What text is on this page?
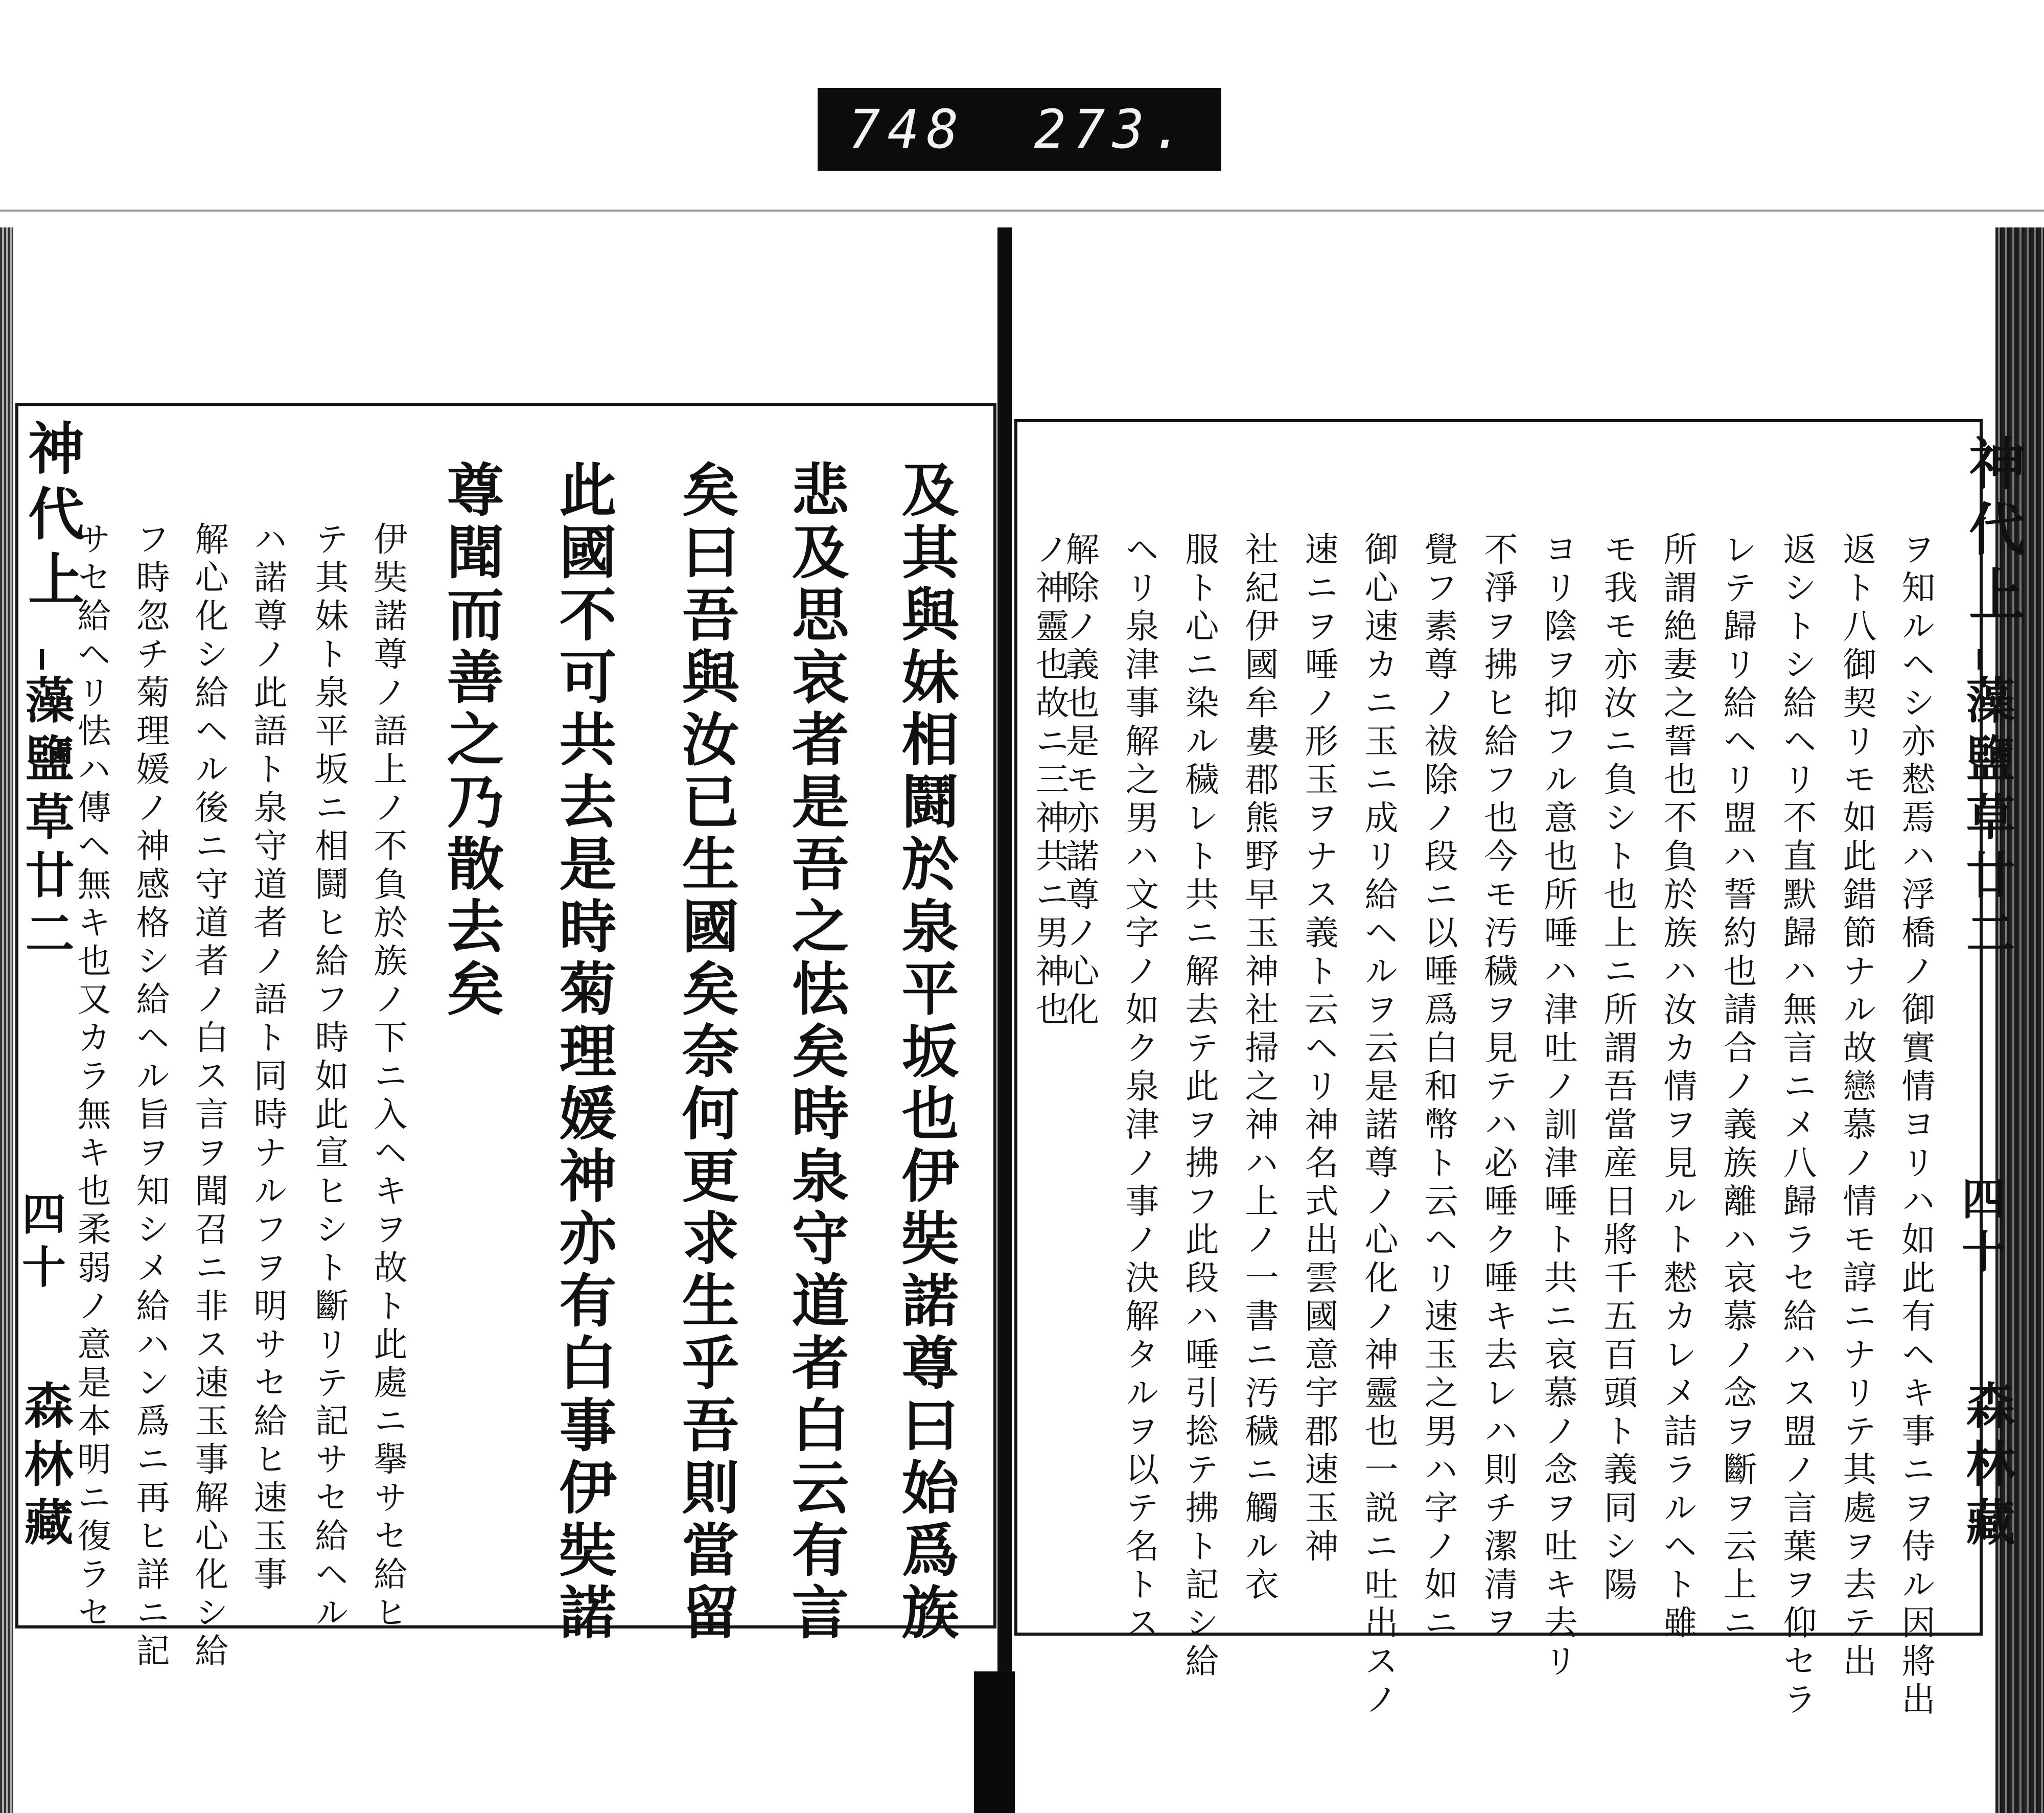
748 273.
神代上
藻鹽草廿二
四十
森林藏	及其與妹相鬪於泉平坂也伊奘諾尊曰始爲族
悲及思哀者是吾之怯矣時泉守道者白云有言
矣曰吾與汝已生國矣奈何更求生乎吾則當留
此國不可共去是時菊理媛神亦有白事伊奘諾
尊聞而善之乃散去矣
伊奘諾尊ノ語上ノ不負於族ノ下ニ入ヘキヲ故ト此處ニ擧サセ給ヒ
テ其妹ト泉平坂ニ相鬪ヒ給フ時如此宣ヒシト斷リテ記サセ給ヘル
ハ諾尊ノ此語ト泉守道者ノ語ト同時ナルフヲ明サセ給ヒ速玉事
解心化シ給ヘル後ニ守道者ノ白ス言ヲ聞召ニ非ス速玉事解心化シ給
フ時忽チ菊理媛ノ神感格シ給ヘル旨ヲ知シメ給ハン爲ニ再ヒ詳ニ記
サセ給ヘリ怯ハ傳ヘ無キ也又カラ無キ也柔弱ノ意是本明ニ復ラセ	神代上
藻鹽草廿二
四十
森林藏
ヲ知ルヘシ亦慭焉ハ浮橋ノ御實情ヨリハ如此有ヘキ事ニヲ侍ル因將出
返ト八御契リモ如此錯節ナル故戀慕ノ情モ諄ニナリテ其處ヲ去テ出
返シトシ給ヘリ不直默歸ハ無言ニメ八歸ラセ給ハス盟ノ言葉ヲ仰セラ
レテ歸リ給ヘリ盟ハ誓約也請合ノ義族離ハ哀慕ノ念ヲ斷ヲ云上ニ
所謂絶妻之誓也不負於族ハ汝カ情ヲ見ルト慭カレメ詰ラルヘト雖
モ我モ亦汝ニ負シト也上ニ所謂吾當産日將千五百頭ト義同シ陽
ヨリ陰ヲ抑フル意也所唾ハ津吐ノ訓津唾ト共ニ哀慕ノ念ヲ吐キ去リ
不淨ヲ拂ヒ給フ也今モ汚穢ヲ見テハ必唾ク唾キ去レハ則チ潔清ヲ
覺フ素尊ノ祓除ノ段ニ以唾爲白和幣ト云ヘリ速玉之男ハ字ノ如ニ
御心速カニ玉ニ成リ給ヘルヲ云是諾尊ノ心化ノ神靈也一説ニ吐出スノ
速ニヲ唾ノ形玉ヲナス義ト云ヘリ神名式出雲國意宇郡速玉神
社紀伊國牟婁郡熊野早玉神社掃之神ハ上ノ一書ニ汚穢ニ觸ル衣
服ト心ニ染ル穢レト共ニ解去テ此ヲ拂フ此段ハ唾引捴テ拂ト記シ給
ヘリ泉津事解之男ハ文字ノ如ク泉津ノ事ノ決解タルヲ以テ名トス
解除ノ義也是モ亦諾尊ノ心化
ノ神靈也故ニ三神共ニ男神也
